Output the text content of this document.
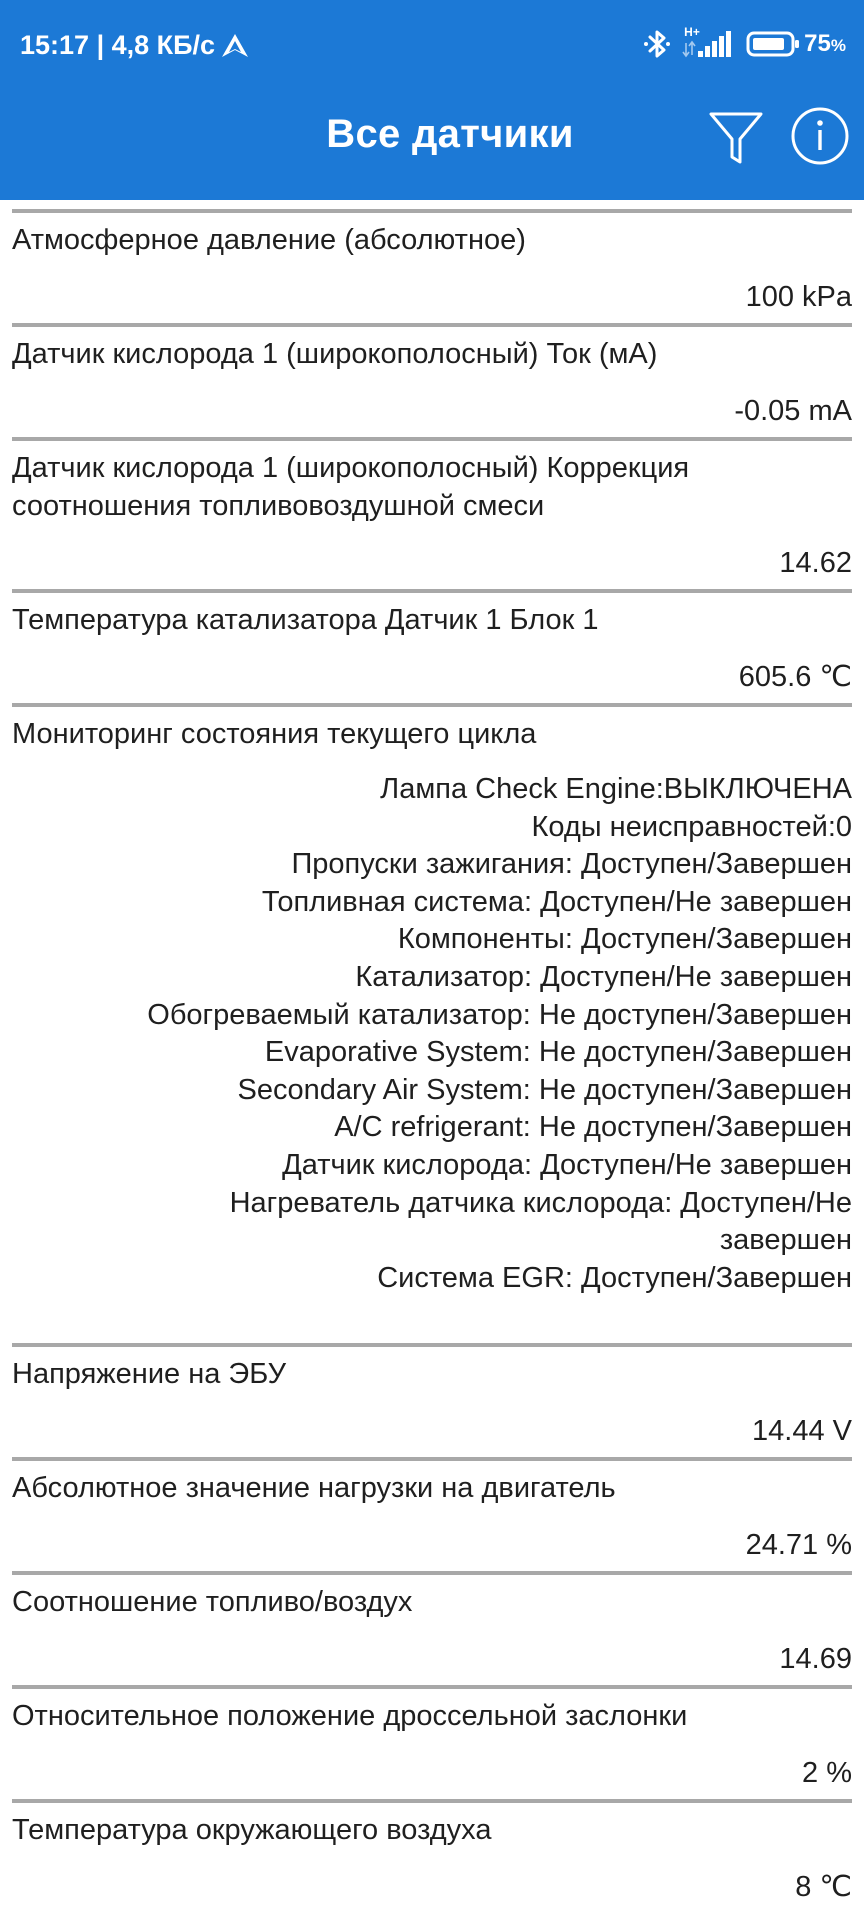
15:17 | 4,8 КБ/с	H+	75%
Все датчики
Атмосферное давление (абсолютное)
100 kPa
Датчик кислорода 1 (широкополосный) Ток (мА)
-0.05 mA
Датчик кислорода 1 (широкополосный) Коррекция соотношения топливовоздушной смеси
14.62
Температура катализатора Датчик 1 Блок 1
605.6 ℃
Мониторинг состояния текущего цикла
Лампа Check Engine:ВЫКЛЮЧЕНА
Коды неисправностей:0
Пропуски зажигания: Доступен/Завершен
Топливная система: Доступен/Не завершен
Компоненты: Доступен/Завершен
Катализатор: Доступен/Не завершен
Обогреваемый катализатор: Не доступен/Завершен
Evaporative System: Не доступен/Завершен
Secondary Air System: Не доступен/Завершен
A/C refrigerant: Не доступен/Завершен
Датчик кислорода: Доступен/Не завершен
Нагреватель датчика кислорода: Доступен/Не
завершен
Система EGR: Доступен/Завершен
Напряжение на ЭБУ
14.44 V
Абсолютное значение нагрузки на двигатель
24.71 %
Соотношение топливо/воздух
14.69
Относительное положение дроссельной заслонки
2 %
Температура окружающего воздуха
8 ℃
